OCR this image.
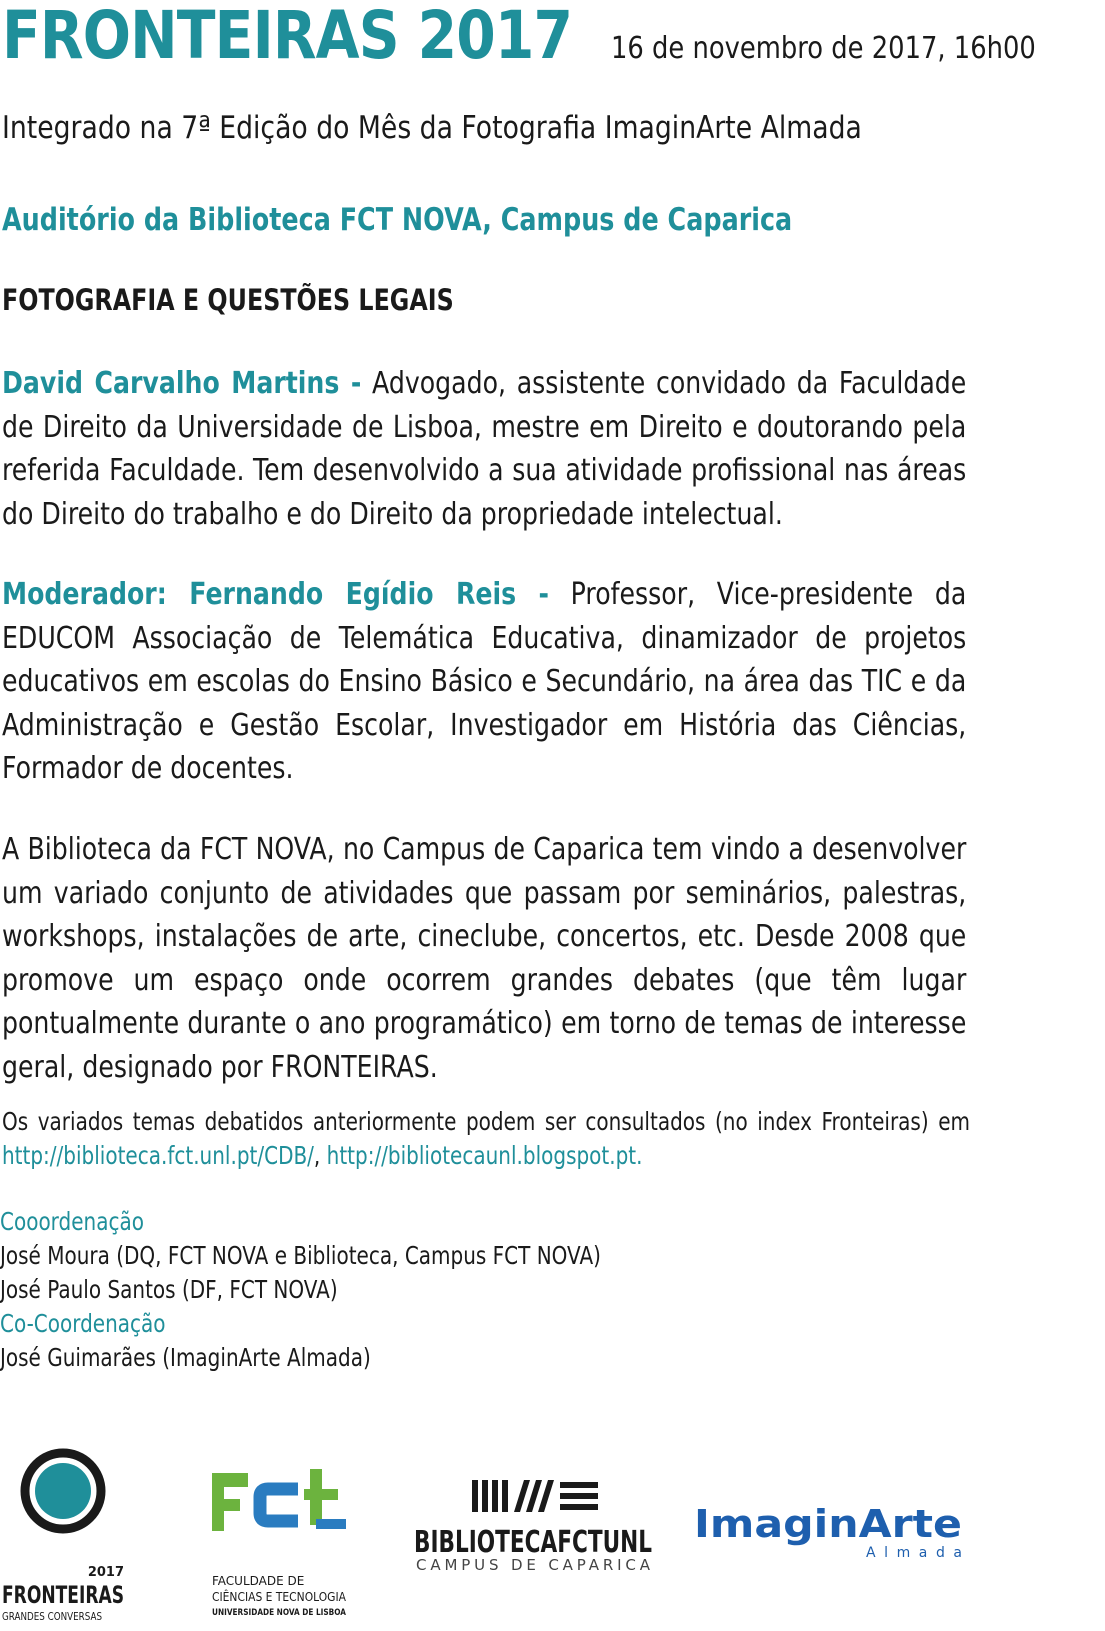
FRONTEIRAS 2017 16 de novembro de 2017, 16h00
Integrado na 7ª Edição do Mês da Fotografia ImaginArte Almada
Auditório da Biblioteca FCT NOVA, Campus de Caparica
FOTOGRAFIA E QUESTÕES LEGAIS
David Carvalho Martins - Advogado, assistente convidado da Faculdade de Direito da Universidade de Lisboa, mestre em Direito e doutorando pela referida Faculdade. Tem desenvolvido a sua atividade profissional nas áreas do Direito do trabalho e do Direito da propriedade intelectual.
Moderador: Fernando Egídio Reis - Professor, Vice-presidente da EDUCOM Associação de Telemática Educativa, dinamizador de projetos educativos em escolas do Ensino Básico e Secundário, na área das TIC e da Administração e Gestão Escolar, Investigador em História das Ciências, Formador de docentes.
A Biblioteca da FCT NOVA, no Campus de Caparica tem vindo a desenvolver um variado conjunto de atividades que passam por seminários, palestras, workshops, instalações de arte, cineclube, concertos, etc. Desde 2008 que promove um espaço onde ocorrem grandes debates (que têm lugar pontualmente durante o ano programático) em torno de temas de interesse geral, designado por FRONTEIRAS.
Os variados temas debatidos anteriormente podem ser consultados (no index Fronteiras) em http://biblioteca.fct.unl.pt/CDB/, http://bibliotecaunl.blogspot.pt.
Cooordenação
José Moura (DQ, FCT NOVA e Biblioteca, Campus FCT NOVA)
José Paulo Santos (DF, FCT NOVA)
Co-Coordenação
José Guimarães (ImaginArte Almada)
2017
FRONTEIRAS
GRANDES CONVERSAS
FACULDADE DE
CIÊNCIAS E TECNOLOGIA
UNIVERSIDADE NOVA DE LISBOA
BIBLIOTECAFCTUNL
CAMPUS DE CAPARICA
ImaginArte
Almada
